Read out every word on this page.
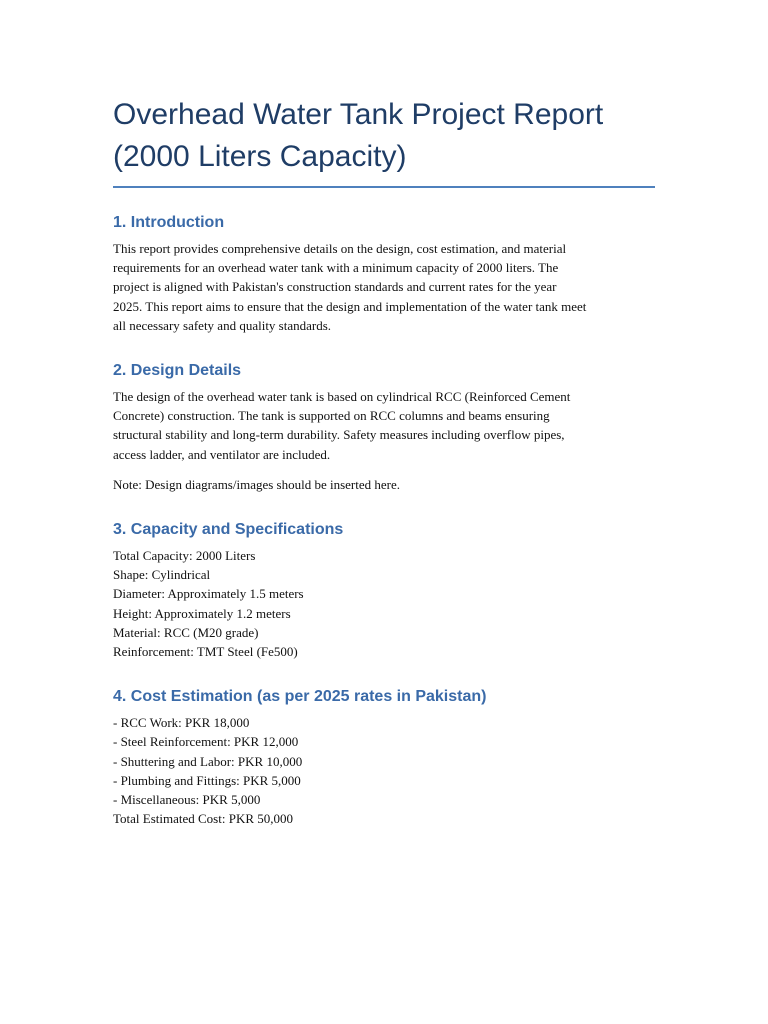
Overhead Water Tank Project Report
(2000 Liters Capacity)
1. Introduction
This report provides comprehensive details on the design, cost estimation, and material
requirements for an overhead water tank with a minimum capacity of 2000 liters. The
project is aligned with Pakistan's construction standards and current rates for the year
2025. This report aims to ensure that the design and implementation of the water tank meet
all necessary safety and quality standards.
2. Design Details
The design of the overhead water tank is based on cylindrical RCC (Reinforced Cement
Concrete) construction. The tank is supported on RCC columns and beams ensuring
structural stability and long-term durability. Safety measures including overflow pipes,
access ladder, and ventilator are included.
Note: Design diagrams/images should be inserted here.
3. Capacity and Specifications
Total Capacity: 2000 Liters
Shape: Cylindrical
Diameter: Approximately 1.5 meters
Height: Approximately 1.2 meters
Material: RCC (M20 grade)
Reinforcement: TMT Steel (Fe500)
4. Cost Estimation (as per 2025 rates in Pakistan)
- RCC Work: PKR 18,000
- Steel Reinforcement: PKR 12,000
- Shuttering and Labor: PKR 10,000
- Plumbing and Fittings: PKR 5,000
- Miscellaneous: PKR 5,000
Total Estimated Cost: PKR 50,000
